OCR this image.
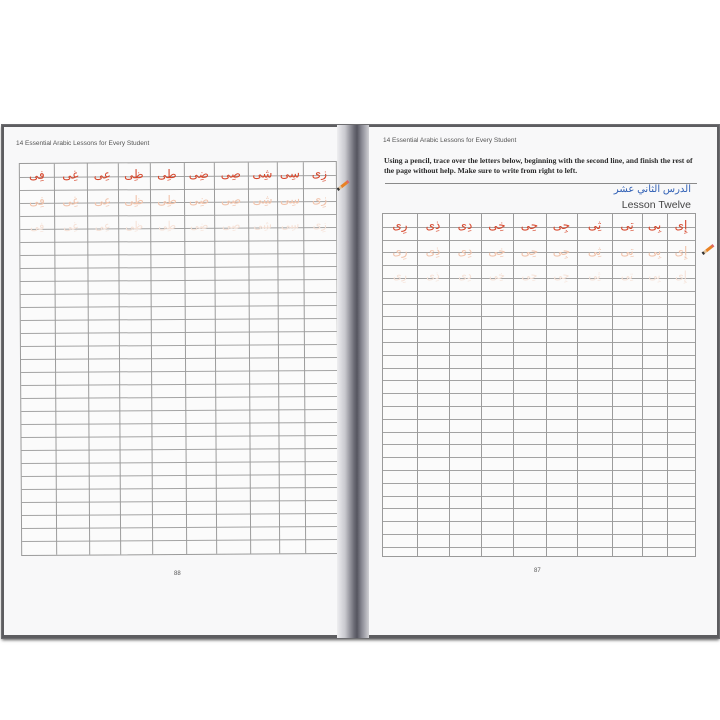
14 Essential Arabic Lessons for Every Student
زِى
سِى
شِى
صِى
ضِى
طِى
ظِى
عِى
غِى
فِى
زِى
سِى
شِى
صِى
ضِى
طِى
ظِى
عِى
غِى
فِى
زِى
سِى
شِى
صِى
ضِى
طِى
ظِى
عِى
غِى
فِى
88
14 Essential Arabic Lessons for Every Student
Using a pencil, trace over the letters below, beginning with the second line, and finish the rest of the page without help. Make sure to write from right to left.
الدرس الثاني عشر
Lesson Twelve
إِى
بِى
تِى
ثِى
جِى
حِى
خِى
دِى
ذِى
رِى
إِى
بِى
تِى
ثِى
جِى
حِى
خِى
دِى
ذِى
رِى
إِى
بِى
تِى
ثِى
جِى
حِى
خِى
دِى
ذِى
رِى
87
